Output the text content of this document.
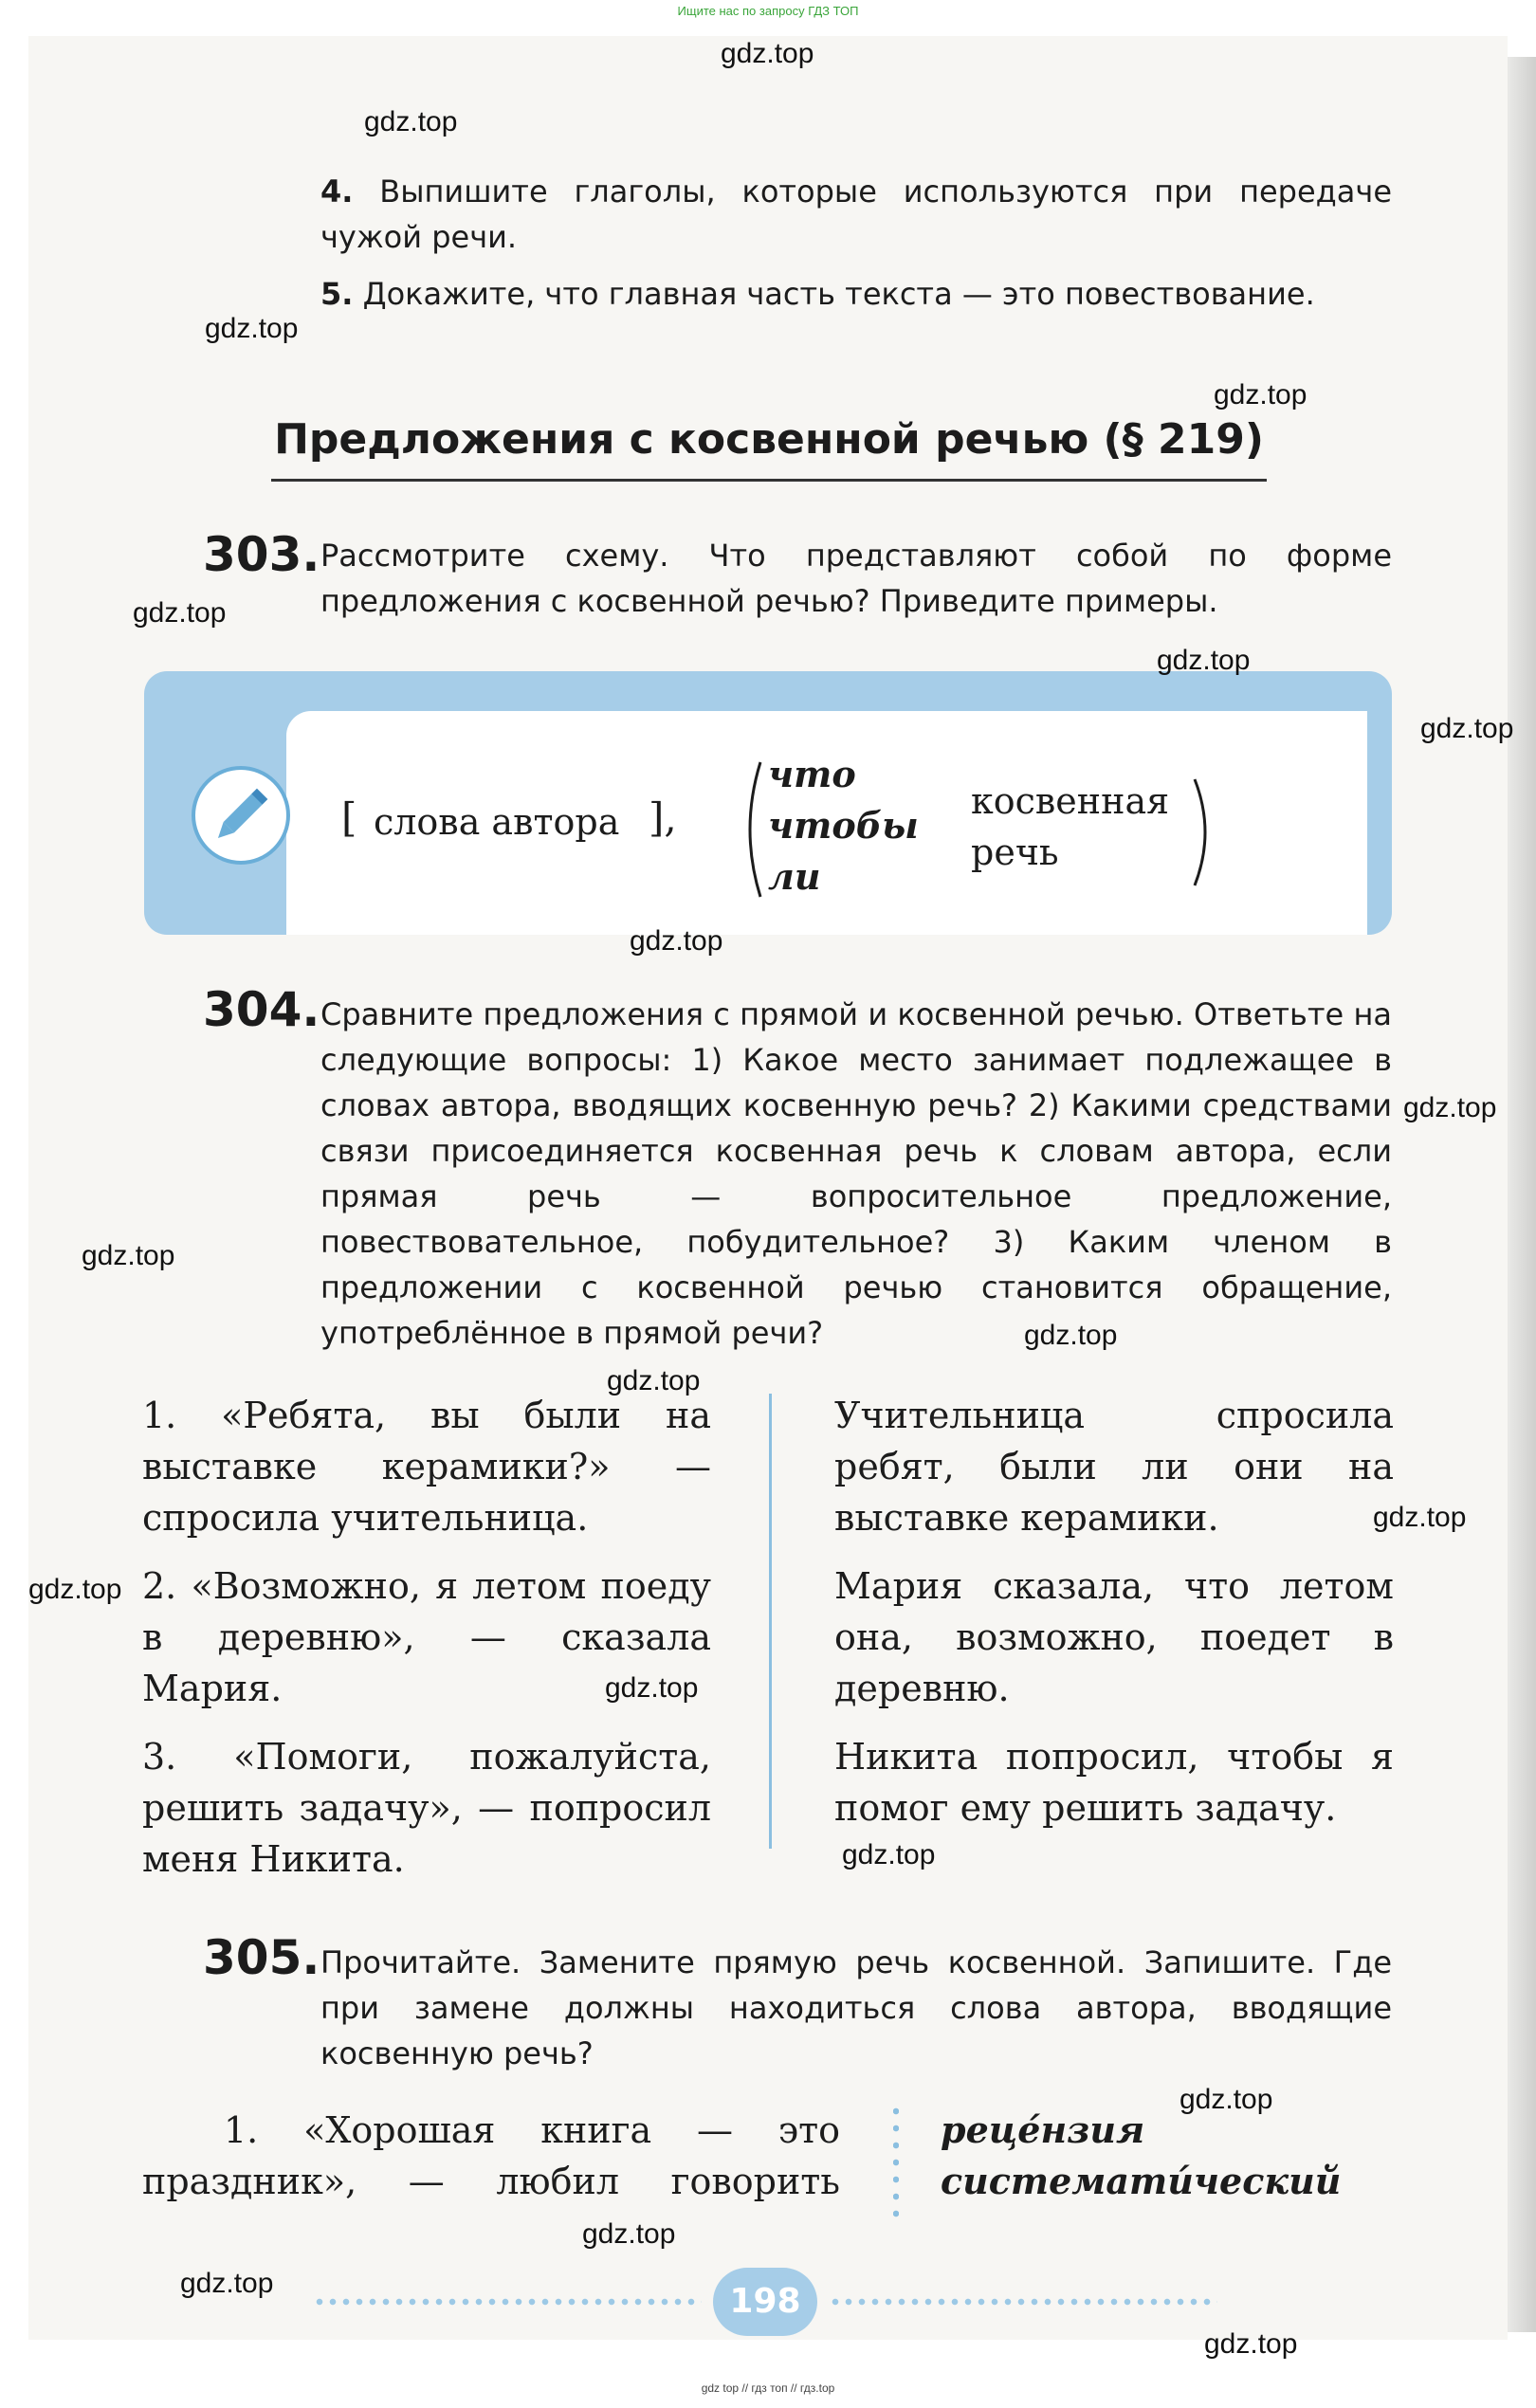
Ищите нас по запросу ГДЗ ТОП
4. Выпишите глаголы, которые используются при передаче чужой речи.
5. Докажите, что главная часть текста — это повествование.
Предложения с косвенной речью (§ 219)
303. Рассмотрите схему. Что представляют собой по форме предложения с косвенной речью? Приведите примеры.
[ слова автора ],
что
чтобы
ли
косвенная
речь
304. Сравните предложения с прямой и косвенной речью. Ответьте на следующие вопросы: 1) Какое место занимает подлежащее в словах автора, вводящих косвенную речь? 2) Какими средствами связи присоединяется косвенная речь к словам автора, если прямая речь — вопросительное предложение, повествовательное, побудительное? 3) Каким членом в предложении с косвенной речью становится обращение, употреблённое в прямой речи?
1. «Ребята, вы были на выставке керамики?» — спросила учительница.
2. «Возможно, я летом поеду в деревню», — сказала Мария.
3. «Помоги, пожалуйста, решить задачу», — попросил меня Никита.
Учительница спросила ребят, были ли они на выставке керамики.
Мария сказала, что летом она, возможно, поедет в деревню.
Никита попросил, чтобы я помог ему решить задачу.
305. Прочитайте. Замените прямую речь косвенной. Запишите. Где при замене должны находиться слова автора, вводящие косвенную речь?
1. «Хорошая книга — это
праздник», — любил говорить
реце́нзия
системати́ческий
198
gdz.top
gdz.top
gdz.top
gdz.top
gdz.top
gdz.top
gdz.top
gdz.top
gdz.top
gdz.top
gdz.top
gdz.top
gdz.top
gdz.top
gdz.top
gdz.top
gdz.top
gdz.top
gdz.top
gdz.top
gdz top // гдз топ // гдз.top
